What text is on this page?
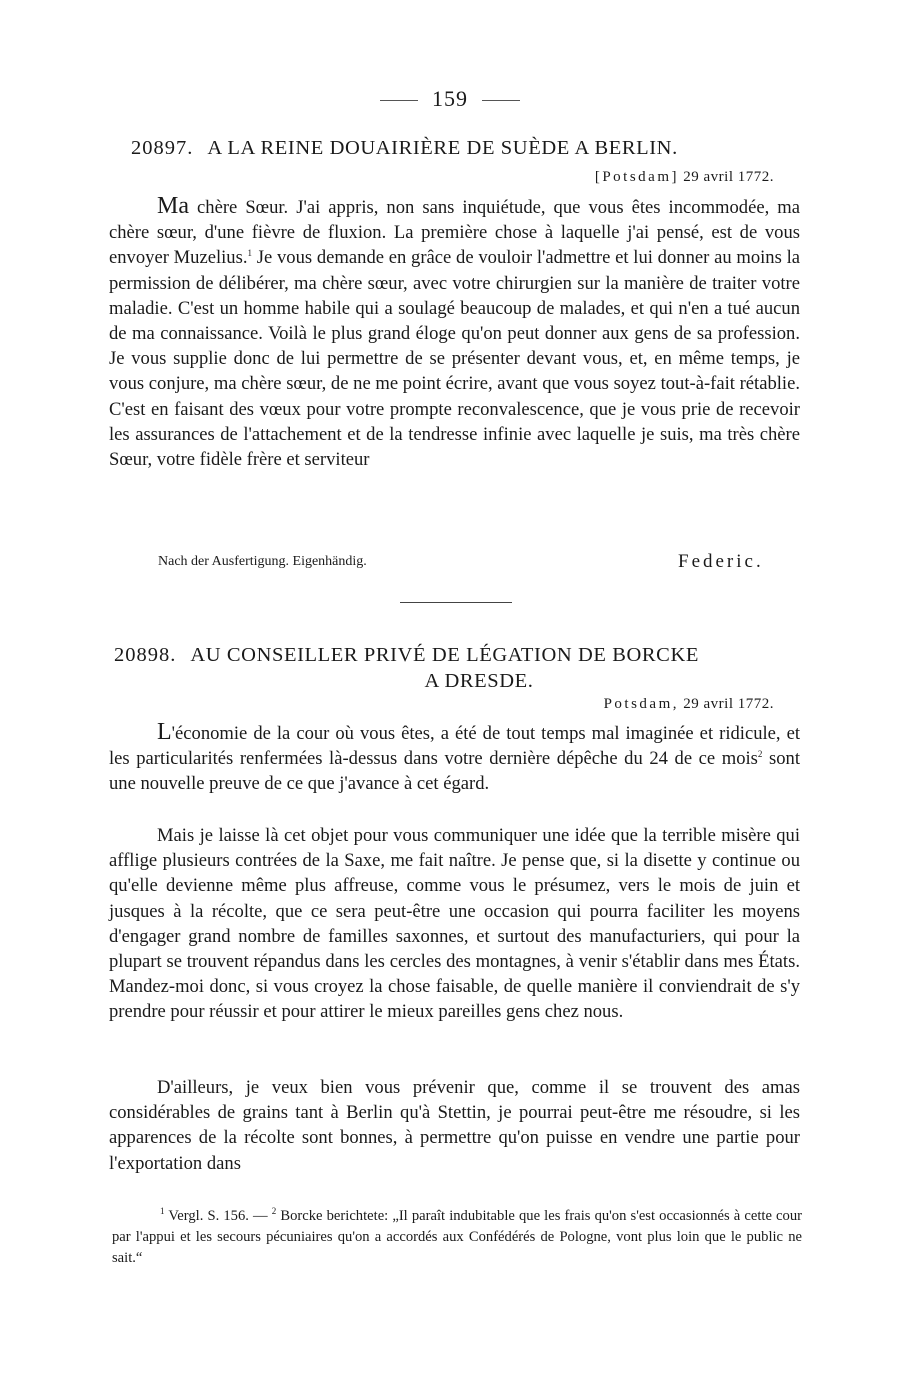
159
20897. A LA REINE DOUAIRIÈRE DE SUÈDE A BERLIN.
[Potsdam] 29 avril 1772.

Ma chère Sœur. J'ai appris, non sans inquiétude, que vous êtes incommodée, ma chère sœur, d'une fièvre de fluxion. La première chose à laquelle j'ai pensé, est de vous envoyer Muzelius.$^1$ Je vous demande en grâce de vouloir l'admettre et lui donner au moins la permission de délibérer, ma chère sœur, avec votre chirurgien sur la manière de traiter votre maladie. C'est un homme habile qui a soulagé beaucoup de malades, et qui n'en a tué aucun de ma connaissance. Voilà le plus grand éloge qu'on peut donner aux gens de sa profession. Je vous supplie donc de lui permettre de se présenter devant vous, et, en même temps, je vous conjure, ma chère sœur, de ne me point écrire, avant que vous soyez tout-à-fait rétablie. C'est en faisant des vœux pour votre prompte reconvalescence, que je vous prie de recevoir les assurances de l'attachement et de la tendresse infinie avec laquelle je suis, ma très chère Sœur, votre fidèle frère et serviteur

Nach der Ausfertigung. Eigenhändig.	Federic.
20898. AU CONSEILLER PRIVÉ DE LÉGATION DE BORCKE
A DRESDE.
Potsdam, 29 avril 1772.

L'économie de la cour où vous êtes, a été de tout temps mal imaginée et ridicule, et les particularités renfermées là-dessus dans votre dernière dépêche du 24 de ce mois$^2$ sont une nouvelle preuve de ce que j'avance à cet égard.

Mais je laisse là cet objet pour vous communiquer une idée que la terrible misère qui afflige plusieurs contrées de la Saxe, me fait naître. Je pense que, si la disette y continue ou qu'elle devienne même plus affreuse, comme vous le présumez, vers le mois de juin et jusques à la récolte, que ce sera peut-être une occasion qui pourra faciliter les moyens d'engager grand nombre de familles saxonnes, et surtout des manufacturiers, qui pour la plupart se trouvent répandus dans les cercles des montagnes, à venir s'établir dans mes États. Mandez-moi donc, si vous croyez la chose faisable, de quelle manière il conviendrait de s'y prendre pour réussir et pour attirer le mieux pareilles gens chez nous.

D'ailleurs, je veux bien vous prévenir que, comme il se trouvent des amas considérables de grains tant à Berlin qu'à Stettin, je pourrai peut-être me résoudre, si les apparences de la récolte sont bonnes, à permettre qu'on puisse en vendre une partie pour l'exportation dans

$^1$ Vergl. S. 156. — $^2$ Borcke berichtete: „Il paraît indubitable que les frais qu'on s'est occasionnés à cette cour par l'appui et les secours pécuniaires qu'on a accordés aux Confédérés de Pologne, vont plus loin que le public ne sait.“
